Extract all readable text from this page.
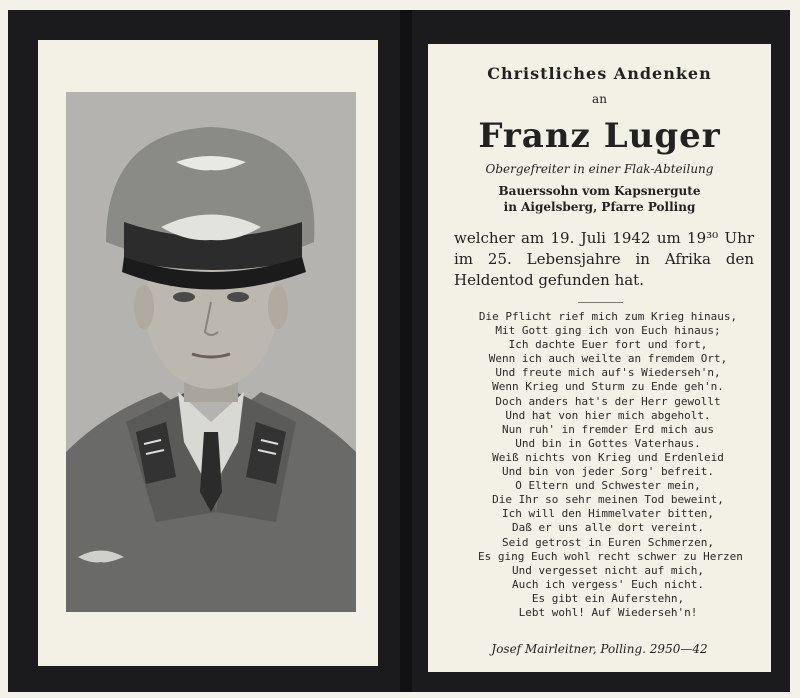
Christliches Andenken
an
Franz Luger
Obergefreiter in einer Flak-Abteilung
Bauerssohn vom Kapsnergute
in Aigelsberg, Pfarre Polling
welcher am 19. Juli 1942 um 19³⁰ Uhr im 25. Lebensjahre in Afrika den Heldentod gefunden hat.
Die Pflicht rief mich zum Krieg hinaus,
Mit Gott ging ich von Euch hinaus;
Ich dachte Euer fort und fort,
Wenn ich auch weilte an fremdem Ort,
Und freute mich auf's Wiederseh'n,
Wenn Krieg und Sturm zu Ende geh'n.
Doch anders hat's der Herr gewollt
Und hat von hier mich abgeholt.
Nun ruh' in fremder Erd mich aus
Und bin in Gottes Vaterhaus.
Weiß nichts von Krieg und Erdenleid
Und bin von jeder Sorg' befreit.
O Eltern und Schwester mein,
Die Ihr so sehr meinen Tod beweint,
Ich will den Himmelvater bitten,
Daß er uns alle dort vereint.
Seid getrost in Euren Schmerzen,
Es ging Euch wohl recht schwer zu Herzen
Und vergesset nicht auf mich,
Auch ich vergess' Euch nicht.
Es gibt ein Auferstehn,
Lebt wohl! Auf Wiederseh'n!
Josef Mairleitner, Polling. 2950—42
